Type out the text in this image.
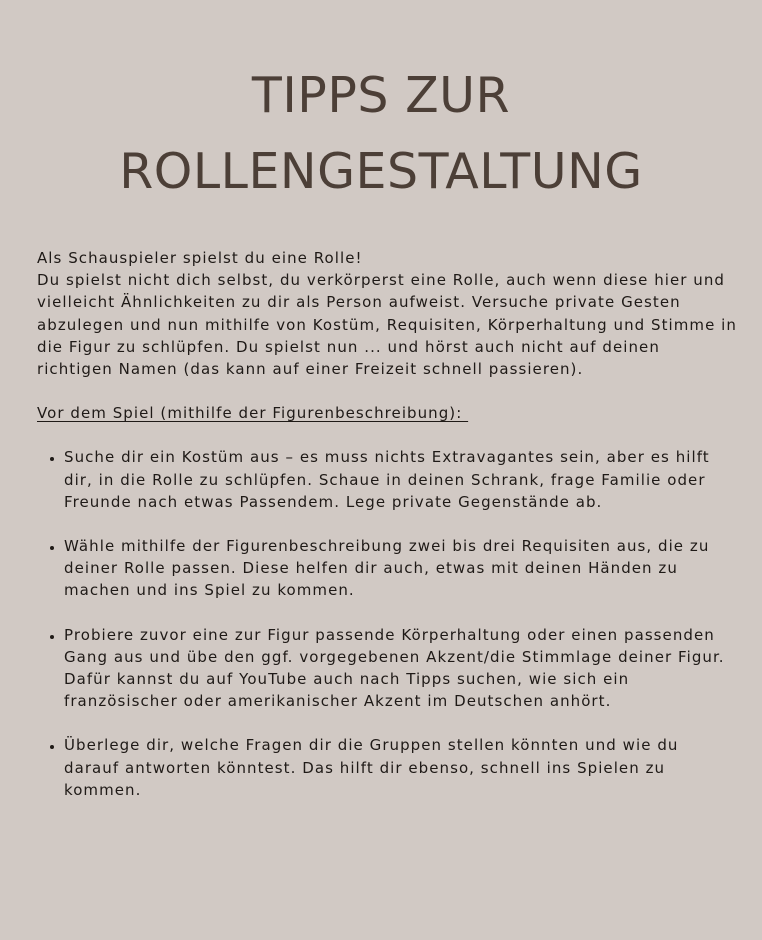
TIPPS ZUR
ROLLENGESTALTUNG

Als Schauspieler spielst du eine Rolle!

Du spielst nicht dich selbst, du verkörperst eine Rolle, auch wenn diese hier und vielleicht Ähnlichkeiten zu dir als Person aufweist. Versuche private Gesten abzulegen und nun mithilfe von Kostüm, Requisiten, Körperhaltung und Stimme in die Figur zu schlüpfen. Du spielst nun ... und hörst auch nicht auf deinen richtigen Namen (das kann auf einer Freizeit schnell passieren).

Vor dem Spiel (mithilfe der Figurenbeschreibung):

• Suche dir ein Kostüm aus – es muss nichts Extravagantes sein, aber es hilft dir, in die Rolle zu schlüpfen. Schaue in deinen Schrank, frage Familie oder Freunde nach etwas Passendem. Lege private Gegenstände ab.
• Wähle mithilfe der Figurenbeschreibung zwei bis drei Requisiten aus, die zu deiner Rolle passen. Diese helfen dir auch, etwas mit deinen Händen zu machen und ins Spiel zu kommen.
• Probiere zuvor eine zur Figur passende Körperhaltung oder einen passenden Gang aus und übe den ggf. vorgegebenen Akzent/die Stimmlage deiner Figur. Dafür kannst du auf YouTube auch nach Tipps suchen, wie sich ein französischer oder amerikanischer Akzent im Deutschen anhört.
• Überlege dir, welche Fragen dir die Gruppen stellen könnten und wie du darauf antworten könntest. Das hilft dir ebenso, schnell ins Spielen zu kommen.
